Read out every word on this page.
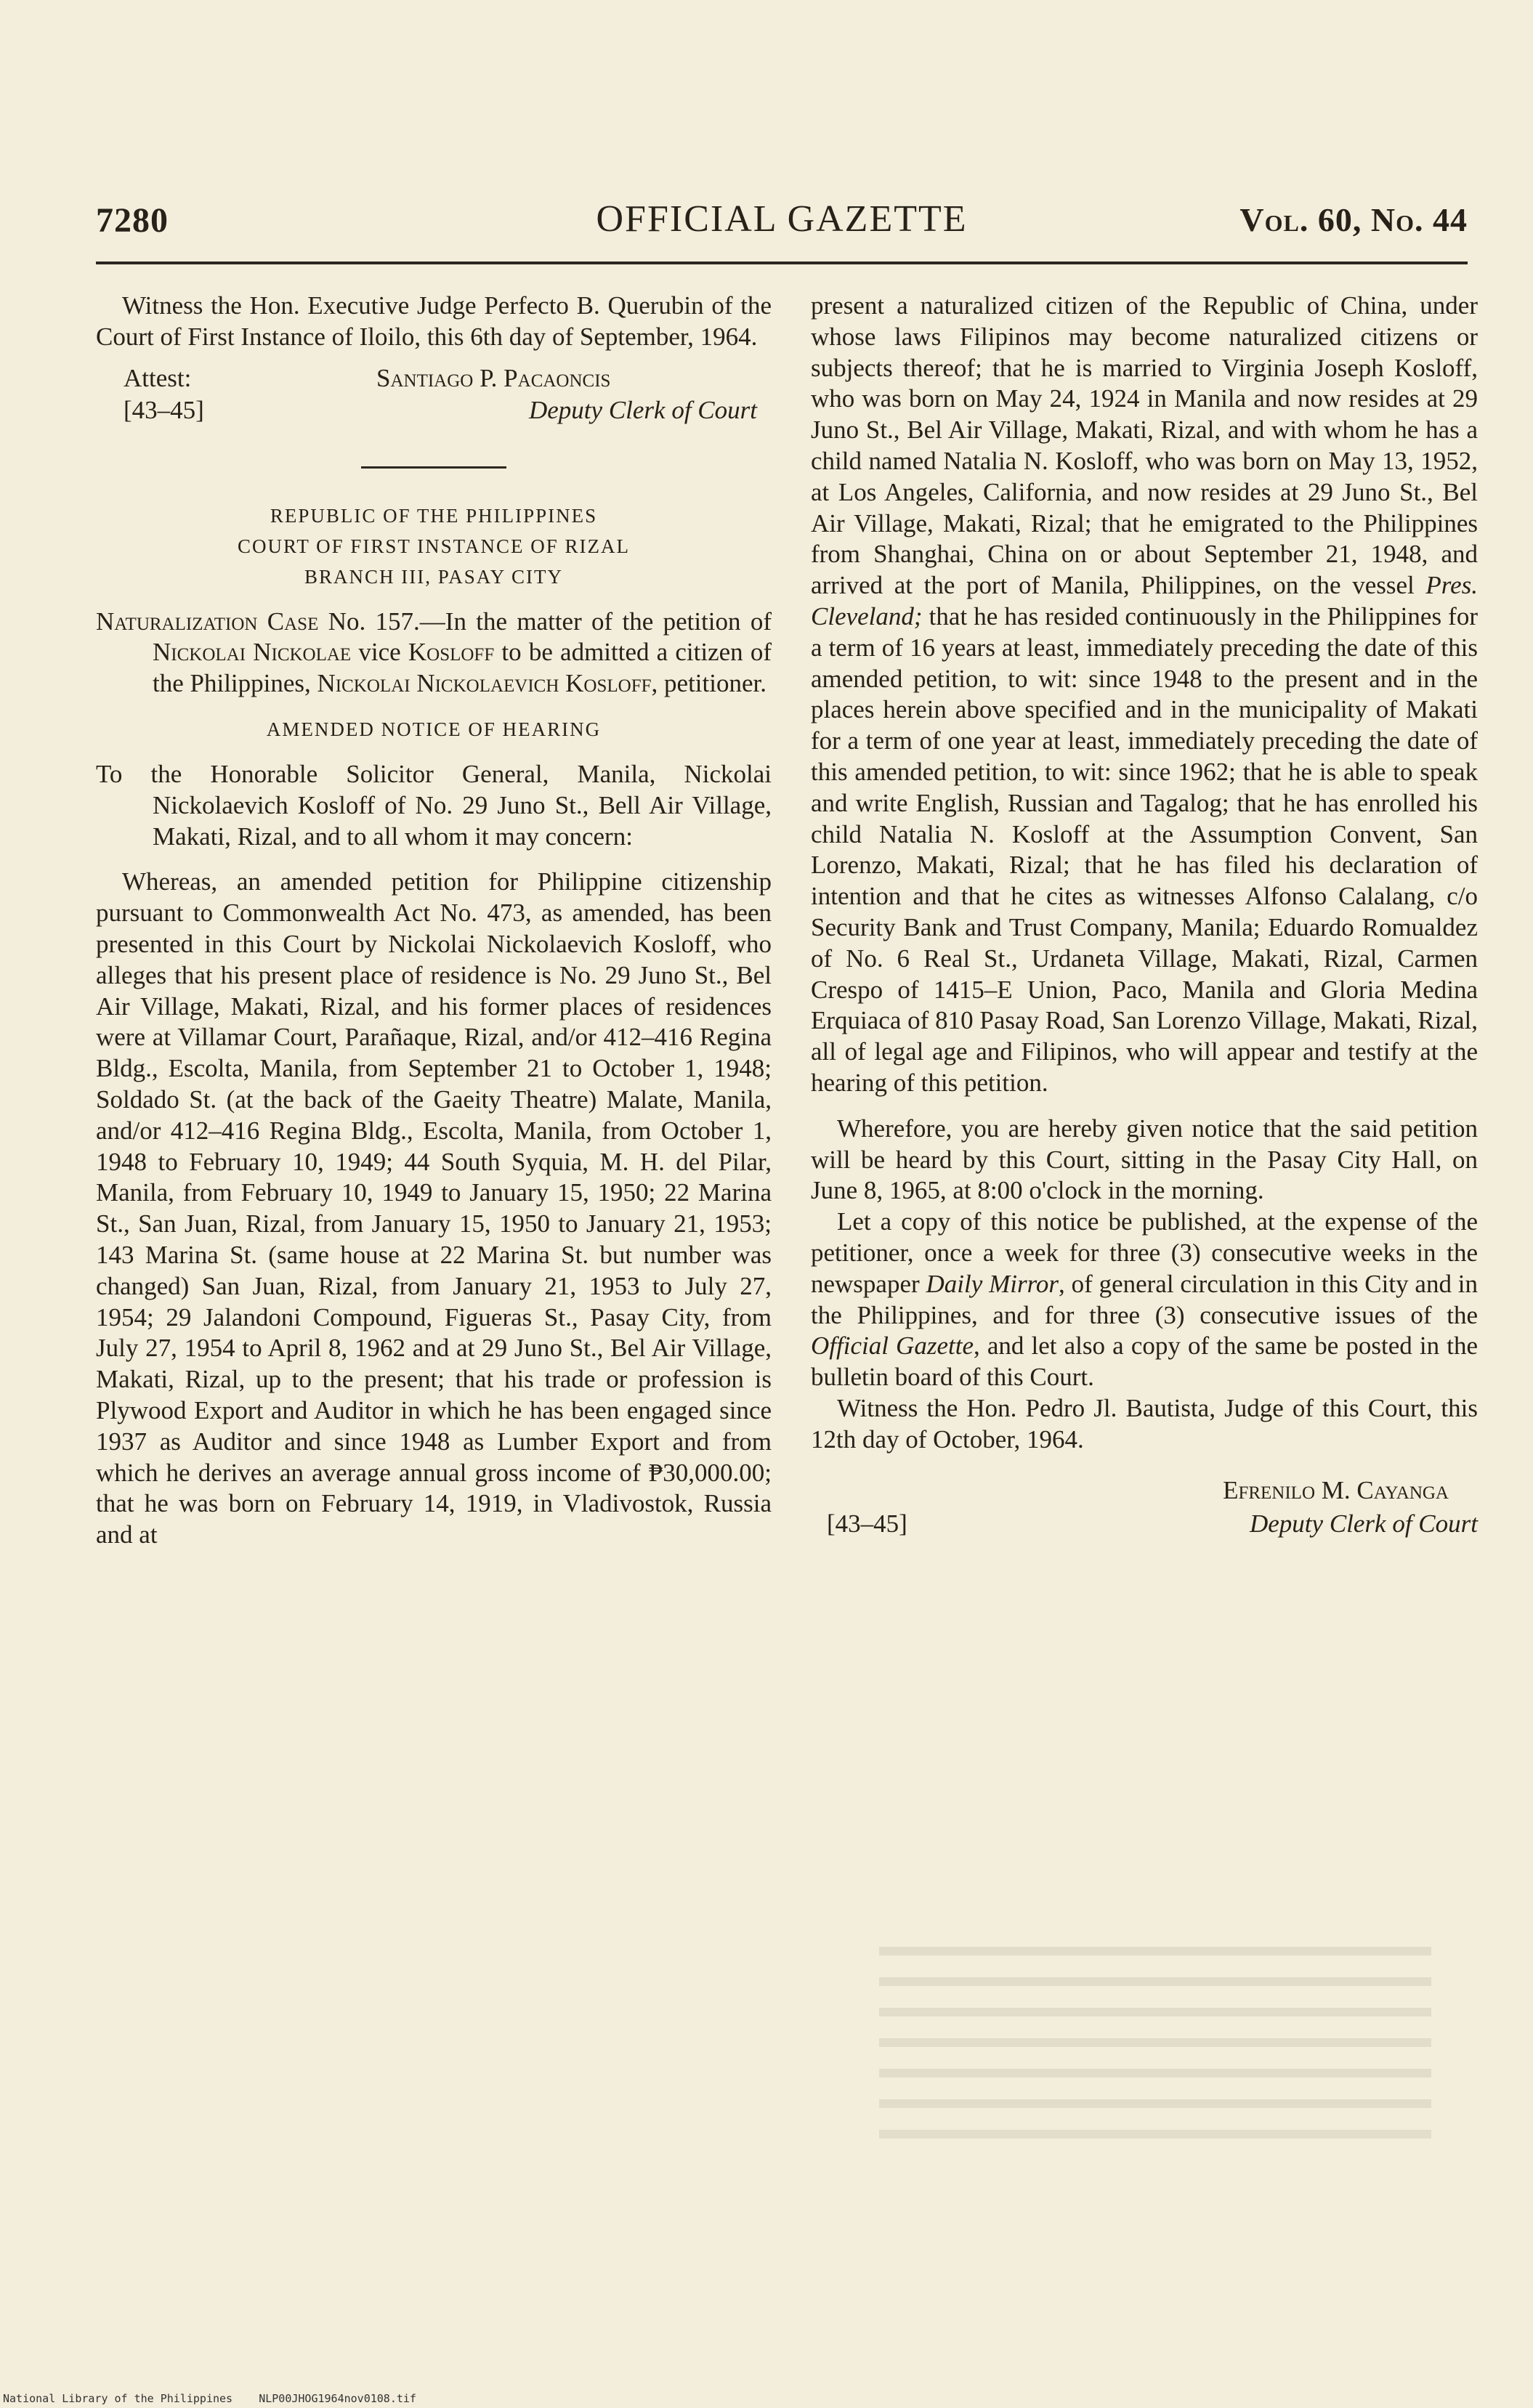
7280	OFFICIAL GAZETTE	Vol. 60, No. 44

Witness the Hon. Executive Judge Perfecto B. Querubin of the Court of First Instance of Iloilo, this 6th day of September, 1964.

Attest:
[43–45]
Santiago P. Pacaoncis
Deputy Clerk of Court
REPUBLIC OF THE PHILIPPINES
COURT OF FIRST INSTANCE OF RIZAL
BRANCH III, PASAY CITY

Naturalization Case No. 157.—In the matter of the petition of Nickolai Nickolae vice Kosloff to be admitted a citizen of the Philippines, Nickolai Nickolaevich Kosloff, petitioner.

AMENDED NOTICE OF HEARING

To the Honorable Solicitor General, Manila, Nickolai Nickolaevich Kosloff of No. 29 Juno St., Bell Air Village, Makati, Rizal, and to all whom it may concern:

Whereas, an amended petition for Philippine citizenship pursuant to Commonwealth Act No. 473, as amended, has been presented in this Court by Nickolai Nickolaevich Kosloff, who alleges that his present place of residence is No. 29 Juno St., Bel Air Village, Makati, Rizal, and his former places of residences were at Villamar Court, Parañaque, Rizal, and/or 412–416 Regina Bldg., Escolta, Manila, from September 21 to October 1, 1948; Soldado St. (at the back of the Gaeity Theatre) Malate, Manila, and/or 412–416 Regina Bldg., Escolta, Manila, from October 1, 1948 to February 10, 1949; 44 South Syquia, M. H. del Pilar, Manila, from February 10, 1949 to January 15, 1950; 22 Marina St., San Juan, Rizal, from January 15, 1950 to January 21, 1953; 143 Marina St. (same house at 22 Marina St. but number was changed) San Juan, Rizal, from January 21, 1953 to July 27, 1954; 29 Jalandoni Compound, Figueras St., Pasay City, from July 27, 1954 to April 8, 1962 and at 29 Juno St., Bel Air Village, Makati, Rizal, up to the present; that his trade or profession is Plywood Export and Auditor in which he has been engaged since 1937 as Auditor and since 1948 as Lumber Export and from which he derives an average annual gross income of ₱30,000.00; that he was born on February 14, 1919, in Vladivostok, Russia and at

present a naturalized citizen of the Republic of China, under whose laws Filipinos may become naturalized citizens or subjects thereof; that he is married to Virginia Joseph Kosloff, who was born on May 24, 1924 in Manila and now resides at 29 Juno St., Bel Air Village, Makati, Rizal, and with whom he has a child named Natalia N. Kosloff, who was born on May 13, 1952, at Los Angeles, California, and now resides at 29 Juno St., Bel Air Village, Makati, Rizal; that he emigrated to the Philippines from Shanghai, China on or about September 21, 1948, and arrived at the port of Manila, Philippines, on the vessel Pres. Cleveland; that he has resided continuously in the Philippines for a term of 16 years at least, immediately preceding the date of this amended petition, to wit: since 1948 to the present and in the places herein above specified and in the municipality of Makati for a term of one year at least, immediately preceding the date of this amended petition, to wit: since 1962; that he is able to speak and write English, Russian and Tagalog; that he has enrolled his child Natalia N. Kosloff at the Assumption Convent, San Lorenzo, Makati, Rizal; that he has filed his declaration of intention and that he cites as witnesses Alfonso Calalang, c/o Security Bank and Trust Company, Manila; Eduardo Romualdez of No. 6 Real St., Urdaneta Village, Makati, Rizal, Carmen Crespo of 1415–E Union, Paco, Manila and Gloria Medina Erquiaca of 810 Pasay Road, San Lorenzo Village, Makati, Rizal, all of legal age and Filipinos, who will appear and testify at the hearing of this petition.

Wherefore, you are hereby given notice that the said petition will be heard by this Court, sitting in the Pasay City Hall, on June 8, 1965, at 8:00 o'clock in the morning.

Let a copy of this notice be published, at the expense of the petitioner, once a week for three (3) consecutive weeks in the newspaper Daily Mirror, of general circulation in this City and in the Philippines, and for three (3) consecutive issues of the Official Gazette, and let also a copy of the same be posted in the bulletin board of this Court.

Witness the Hon. Pedro Jl. Bautista, Judge of this Court, this 12th day of October, 1964.

Efrenilo M. Cayanga
[43–45]	Deputy Clerk of Court
National Library of the Philippines NLP00JHOG1964nov0108.tif
